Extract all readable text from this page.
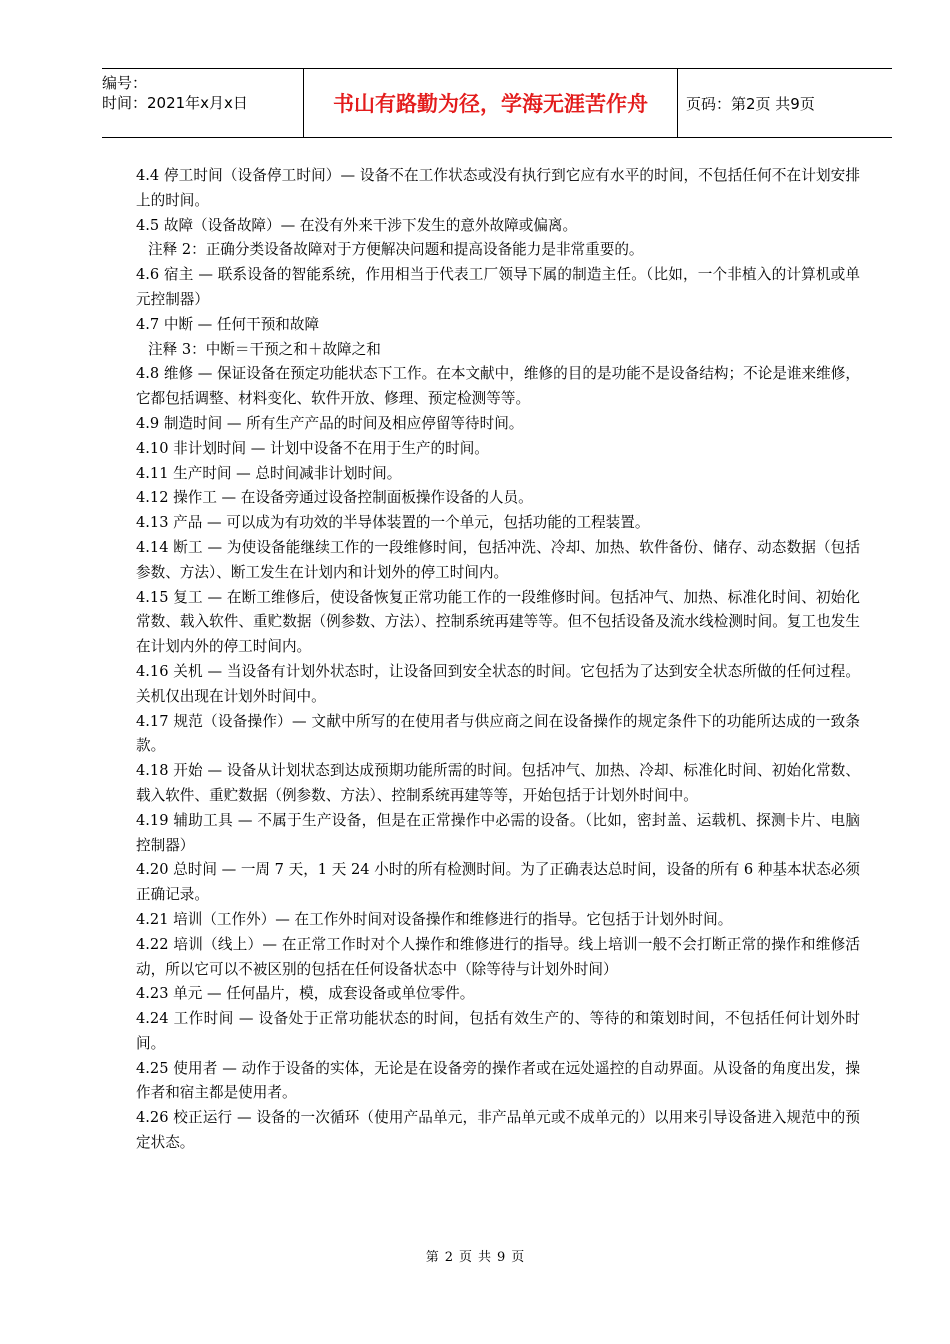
编号：
时间：2021年x月x日	书山有路勤为径，学海无涯苦作舟	页码：第2页 共9页

4.4 停工时间（设备停工时间）— 设备不在工作状态或没有执行到它应有水平的时间，不包括任何不在计划安排上的时间。

4.5 故障（设备故障）— 在没有外来干涉下发生的意外故障或偏离。

注释 2：正确分类设备故障对于方便解决问题和提高设备能力是非常重要的。

4.6 宿主 — 联系设备的智能系统，作用相当于代表工厂领导下属的制造主任。（比如，一个非植入的计算机或单元控制器）

4.7 中断 — 任何干预和故障

注释 3：中断＝干预之和＋故障之和

4.8 维修 — 保证设备在预定功能状态下工作。在本文献中，维修的目的是功能不是设备结构；不论是谁来维修，它都包括调整、材料变化、软件开放、修理、预定检测等等。

4.9 制造时间 — 所有生产产品的时间及相应停留等待时间。

4.10 非计划时间 — 计划中设备不在用于生产的时间。

4.11 生产时间 — 总时间减非计划时间。

4.12 操作工 — 在设备旁通过设备控制面板操作设备的人员。

4.13 产品 — 可以成为有功效的半导体装置的一个单元，包括功能的工程装置。

4.14 断工 — 为使设备能继续工作的一段维修时间，包括冲洗、冷却、加热、软件备份、储存、动态数据（包括参数、方法）、断工发生在计划内和计划外的停工时间内。

4.15 复工 — 在断工维修后，使设备恢复正常功能工作的一段维修时间。包括冲气、加热、标准化时间、初始化常数、载入软件、重贮数据（例参数、方法）、控制系统再建等等。但不包括设备及流水线检测时间。复工也发生在计划内外的停工时间内。

4.16 关机 — 当设备有计划外状态时，让设备回到安全状态的时间。它包括为了达到安全状态所做的任何过程。关机仅出现在计划外时间中。

4.17 规范（设备操作）— 文献中所写的在使用者与供应商之间在设备操作的规定条件下的功能所达成的一致条款。

4.18 开始 — 设备从计划状态到达成预期功能所需的时间。包括冲气、加热、冷却、标准化时间、初始化常数、载入软件、重贮数据（例参数、方法）、控制系统再建等等，开始包括于计划外时间中。

4.19 辅助工具 — 不属于生产设备，但是在正常操作中必需的设备。（比如，密封盖、运载机、探测卡片、电脑控制器）

4.20 总时间 — 一周 7 天，1 天 24 小时的所有检测时间。为了正确表达总时间，设备的所有 6 种基本状态必须正确记录。

4.21 培训（工作外）— 在工作外时间对设备操作和维修进行的指导。它包括于计划外时间。

4.22 培训（线上）— 在正常工作时对个人操作和维修进行的指导。线上培训一般不会打断正常的操作和维修活动，所以它可以不被区别的包括在任何设备状态中（除等待与计划外时间）

4.23 单元 — 任何晶片，模，成套设备或单位零件。

4.24 工作时间 — 设备处于正常功能状态的时间，包括有效生产的、等待的和策划时间，不包括任何计划外时间。

4.25 使用者 — 动作于设备的实体，无论是在设备旁的操作者或在远处遥控的自动界面。从设备的角度出发，操作者和宿主都是使用者。

4.26 校正运行 — 设备的一次循环（使用产品单元，非产品单元或不成单元的）以用来引导设备进入规范中的预定状态。

第 2 页 共 9 页
